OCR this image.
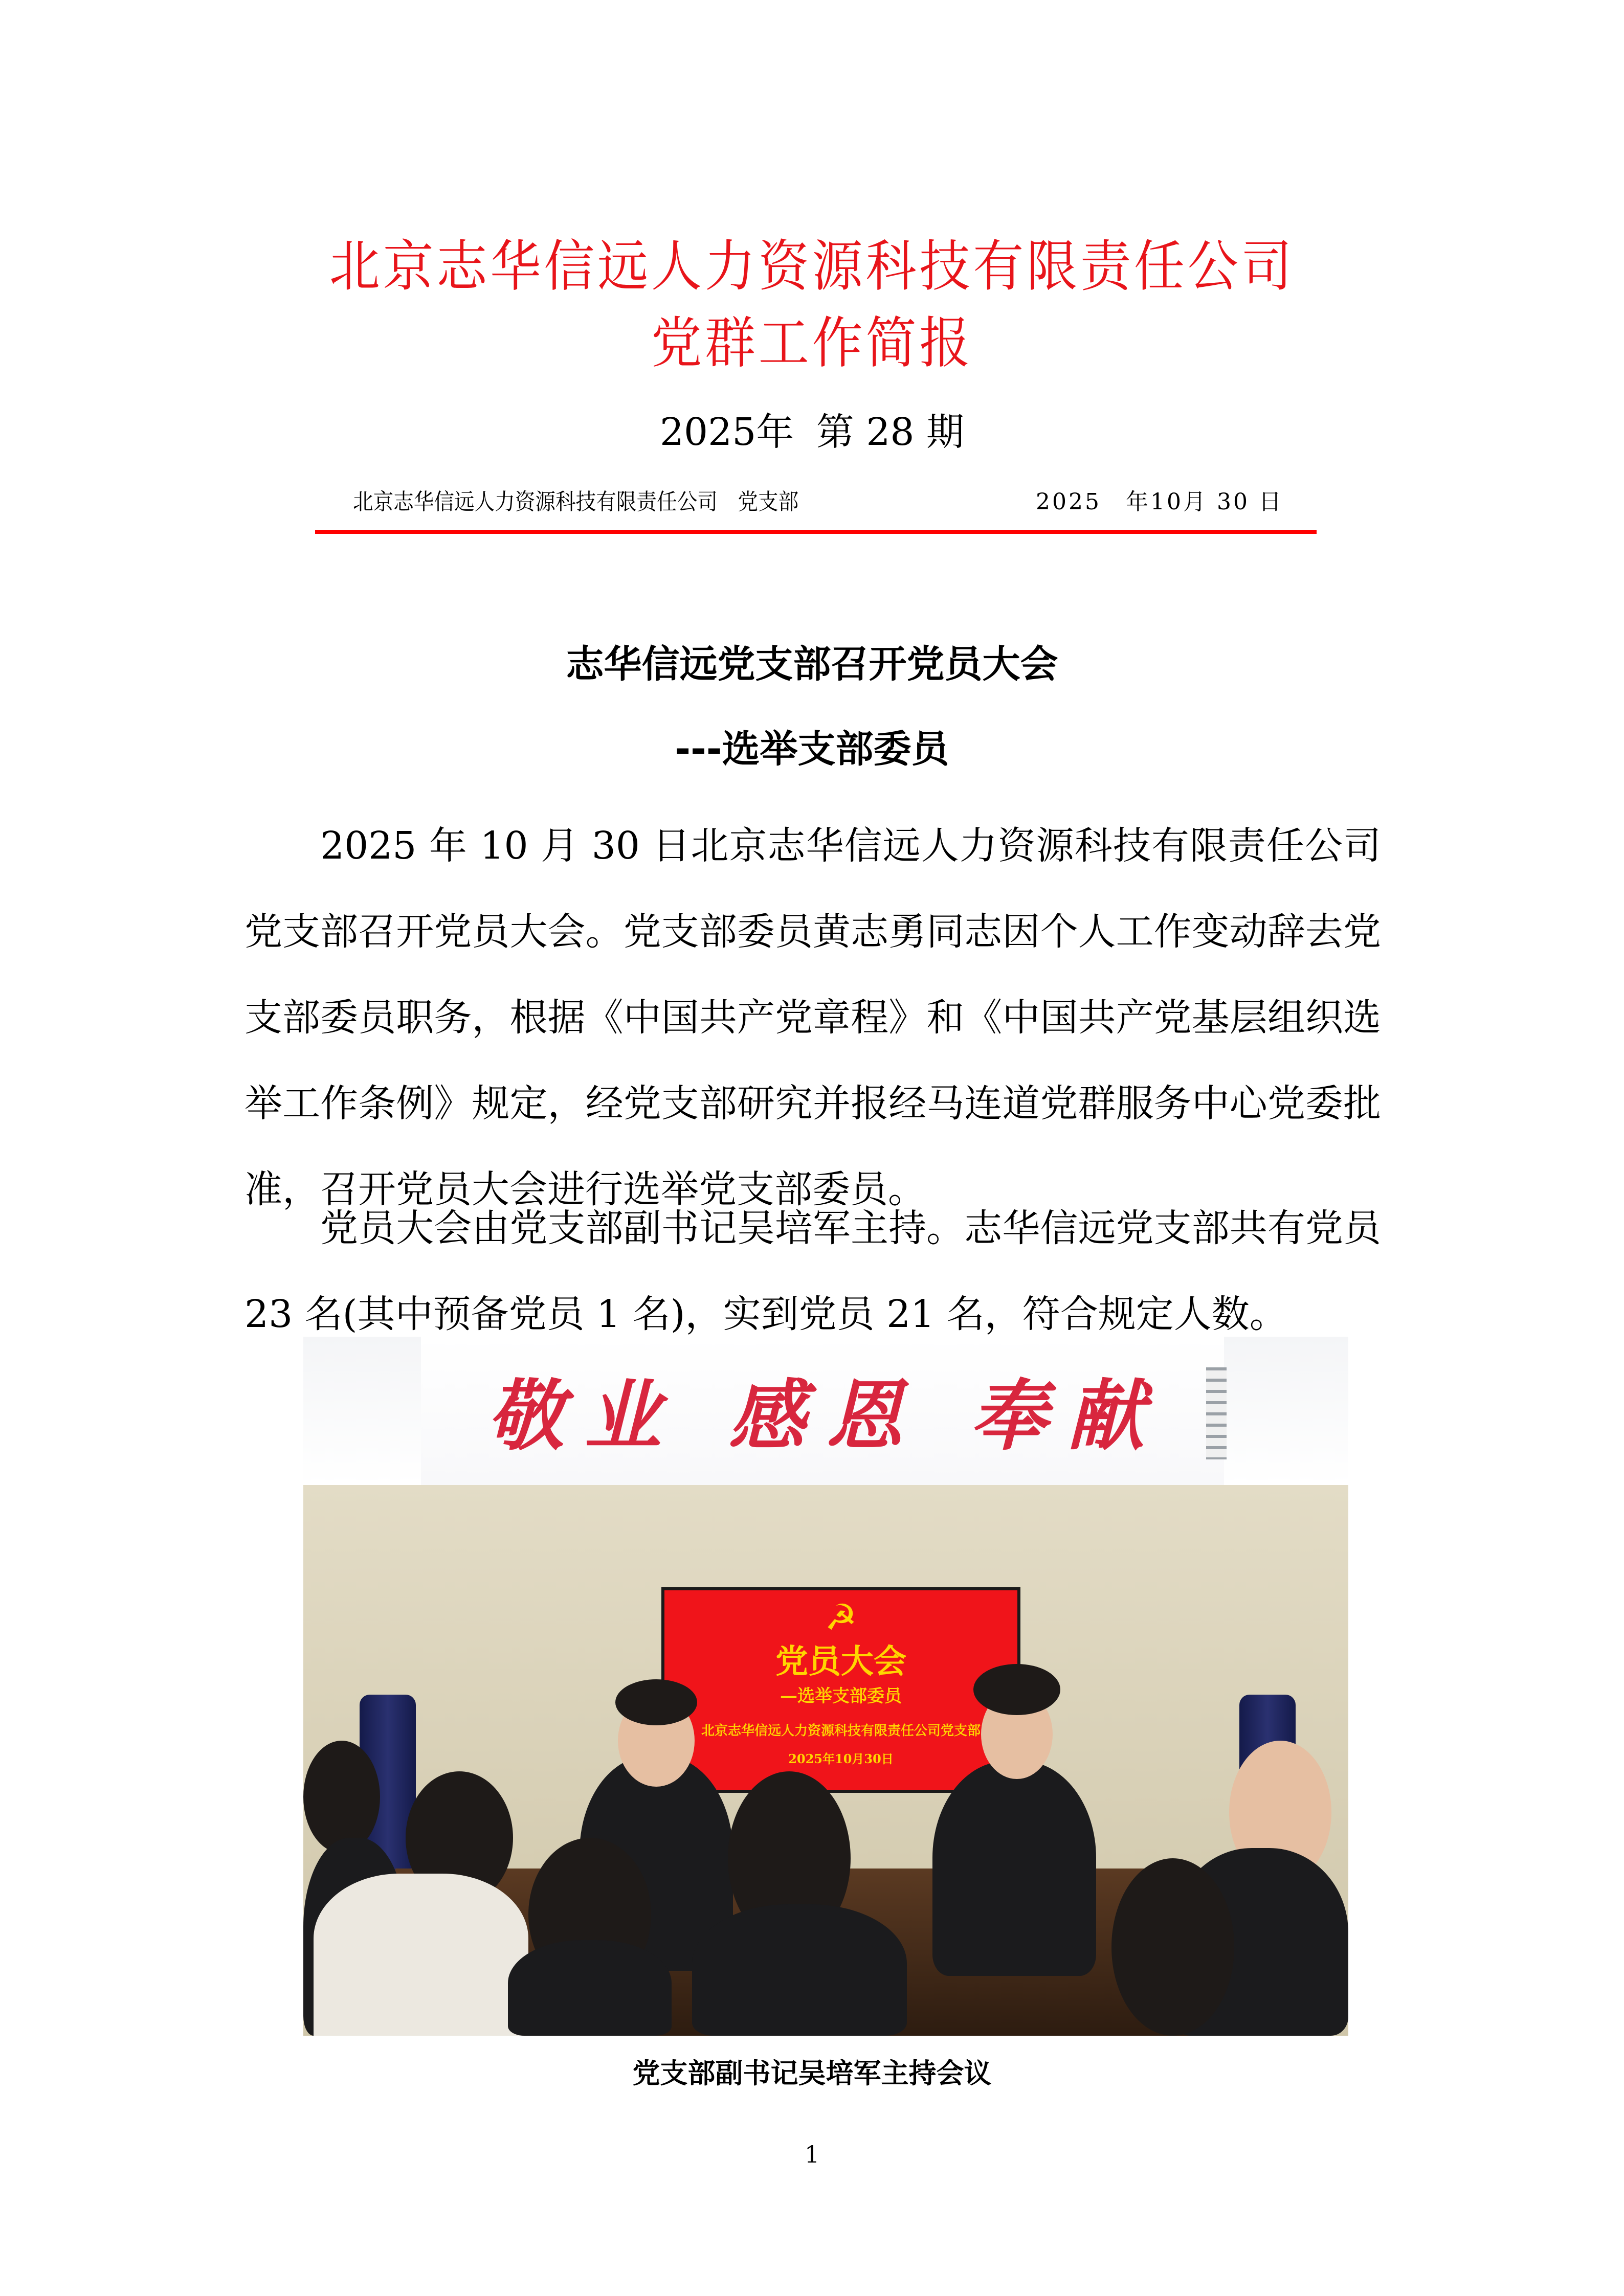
北京志华信远人力资源科技有限责任公司
党群工作简报
2025年 第 28 期
北京志华信远人力资源科技有限责任公司　党支部	2025　年10月 30 日
志华信远党支部召开党员大会
---选举支部委员

2025 年 10 月 30 日北京志华信远人力资源科技有限责任公司党支部召开党员大会。党支部委员黄志勇同志因个人工作变动辞去党支部委员职务，根据《中国共产党章程》和《中国共产党基层组织选举工作条例》规定，经党支部研究并报经马连道党群服务中心党委批准，召开党员大会进行选举党支部委员。

党员大会由党支部副书记吴培军主持。志华信远党支部共有党员 23 名(其中预备党员 1 名)，实到党员 21 名，符合规定人数。

敬业 感恩 奉献
☭
党员大会
—选举支部委员
北京志华信远人力资源科技有限责任公司党支部
2025年10月30日
党支部副书记吴培军主持会议
1
